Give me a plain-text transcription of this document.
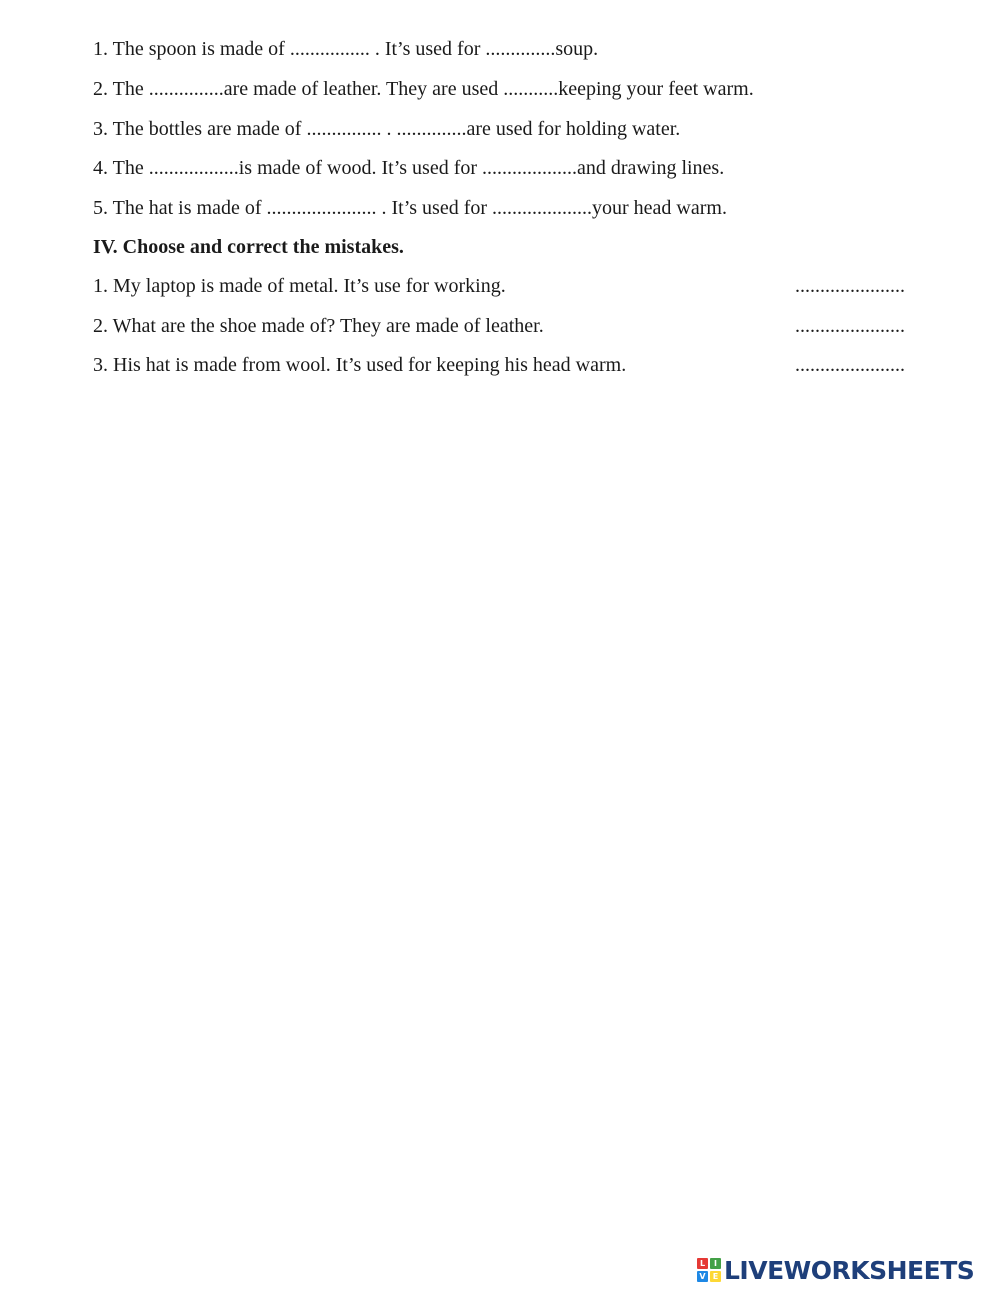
1. The spoon is made of ................ . It’s used for ..............soup.
2. The ...............are made of leather. They are used ...........keeping your feet warm.
3. The bottles are made of ............... . ..............are used for holding water.
4. The ..................is made of wood. It’s used for ...................and drawing lines.
5. The hat is made of ...................... . It’s used for ....................your head warm.
IV. Choose and correct the mistakes.
1. My laptop is made of metal. It’s use for working.	......................
2. What are the shoe made of? They are made of leather.	......................
3. His hat is made from wool. It’s used for keeping his head warm.	......................
L	I
V E LIVEWORKSHEETS
